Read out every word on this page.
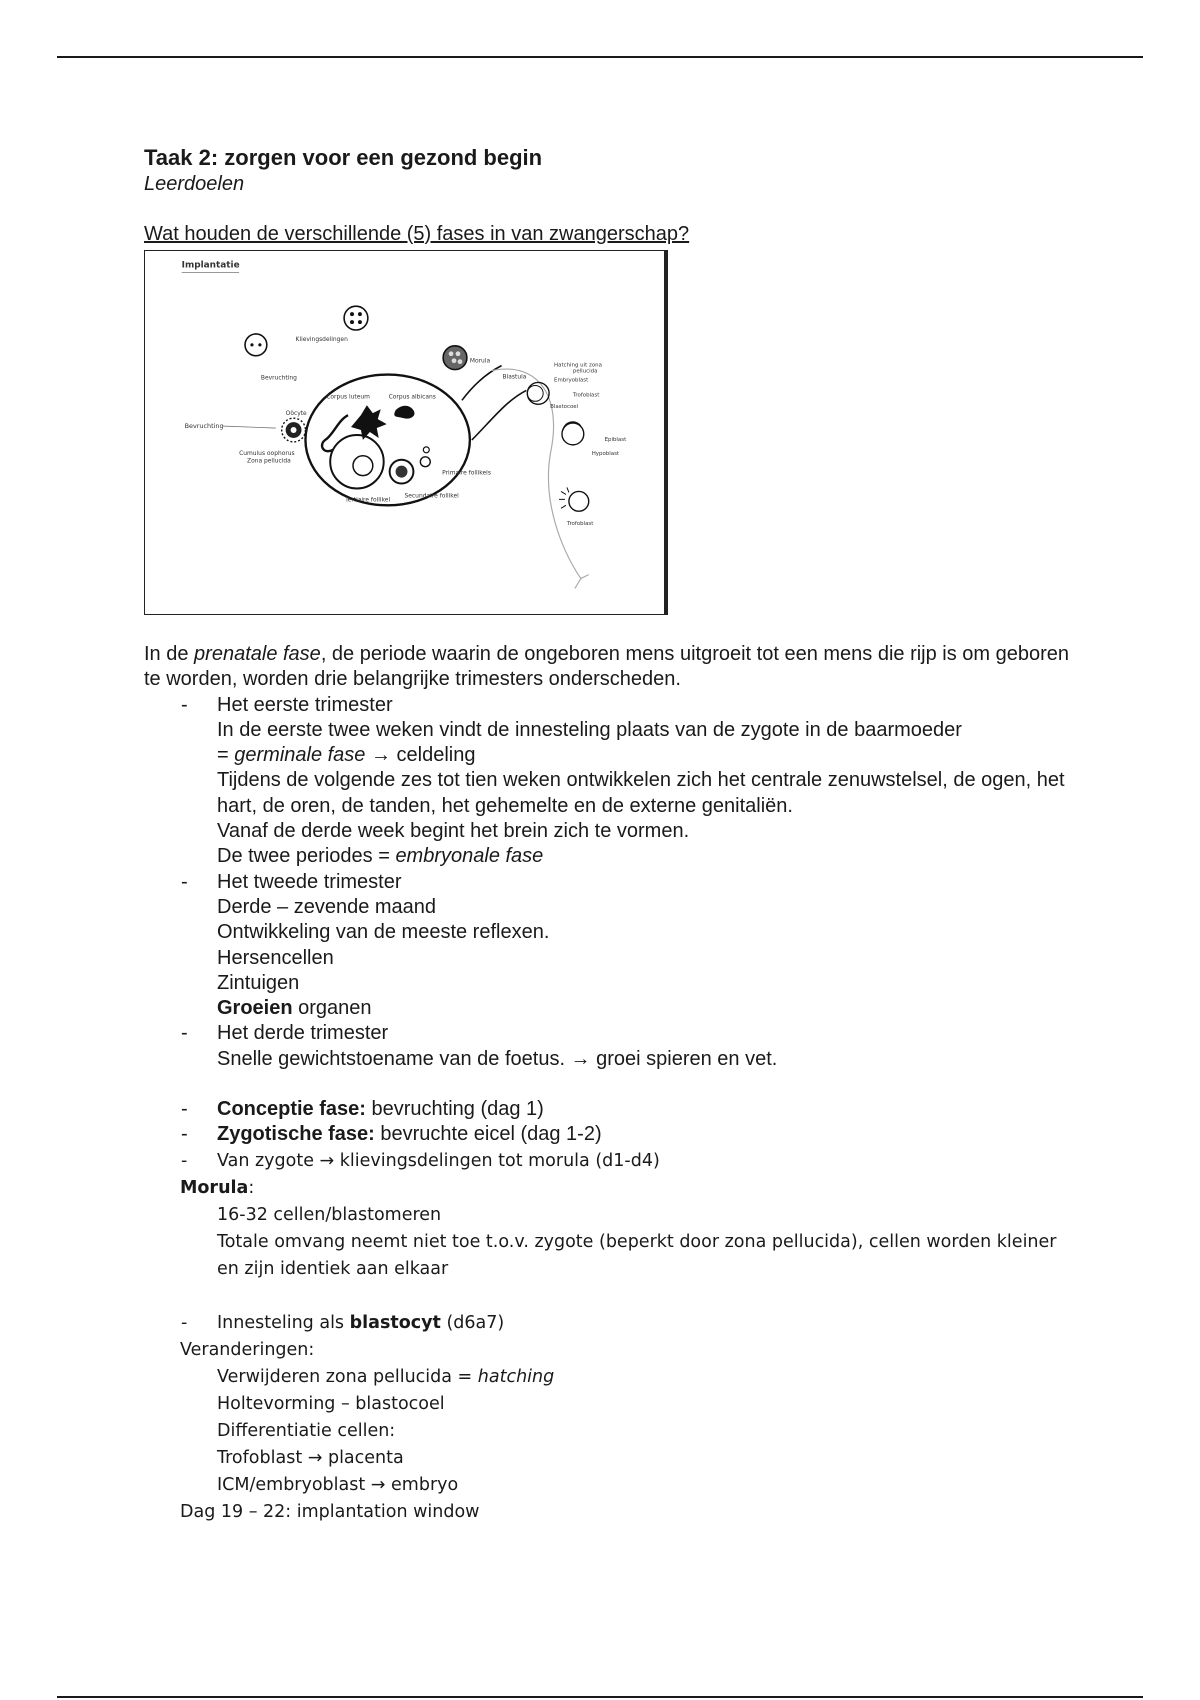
Taak 2: zorgen voor een gezond begin

Leerdoelen

Wat houden de verschillende (5) fases in van zwangerschap?

Implantatie
Klievingsdelingen
Bevruchting
Morula
Bevruchting
Oöcyte
Cumulus oophorus
Zona pellucida
Corpus luteum	Corpus albicans
Primaire follikels
Tertiaire follikel
Secundaire follikel
Blastula
Hatching uit zona
pellucida
Embryoblast
Trofoblast
Blastocoel
Epiblast
Hypoblast
Trofoblast

In de prenatale fase, de periode waarin de ongeboren mens uitgroeit tot een mens die rijp is om geboren te worden, worden drie belangrijke trimesters onderscheden.

- Het eerste trimester

In de eerste twee weken vindt de innesteling plaats van de zygote in de baarmoeder

= germinale fase → celdeling

Tijdens de volgende zes tot tien weken ontwikkelen zich het centrale zenuwstelsel, de ogen, het hart, de oren, de tanden, het gehemelte en de externe genitaliën.

Vanaf de derde week begint het brein zich te vormen.

De twee periodes = embryonale fase

- Het tweede trimester

Derde – zevende maand

Ontwikkeling van de meeste reflexen.

Hersencellen

Zintuigen

Groeien organen

- Het derde trimester

Snelle gewichtstoename van de foetus. → groei spieren en vet.

- Conceptie fase: bevruchting (dag 1)
- Zygotische fase: bevruchte eicel (dag 1-2)
- Van zygote → klievingsdelingen tot morula (d1-d4)

Morula:

16-32 cellen/blastomeren

Totale omvang neemt niet toe t.o.v. zygote (beperkt door zona pellucida), cellen worden kleiner en zijn identiek aan elkaar

- Innesteling als blastocyt (d6a7)

Veranderingen:

Verwijderen zona pellucida = hatching

Holtevorming – blastocoel

Differentiatie cellen:

Trofoblast → placenta

ICM/embryoblast → embryo

Dag 19 – 22: implantation window
